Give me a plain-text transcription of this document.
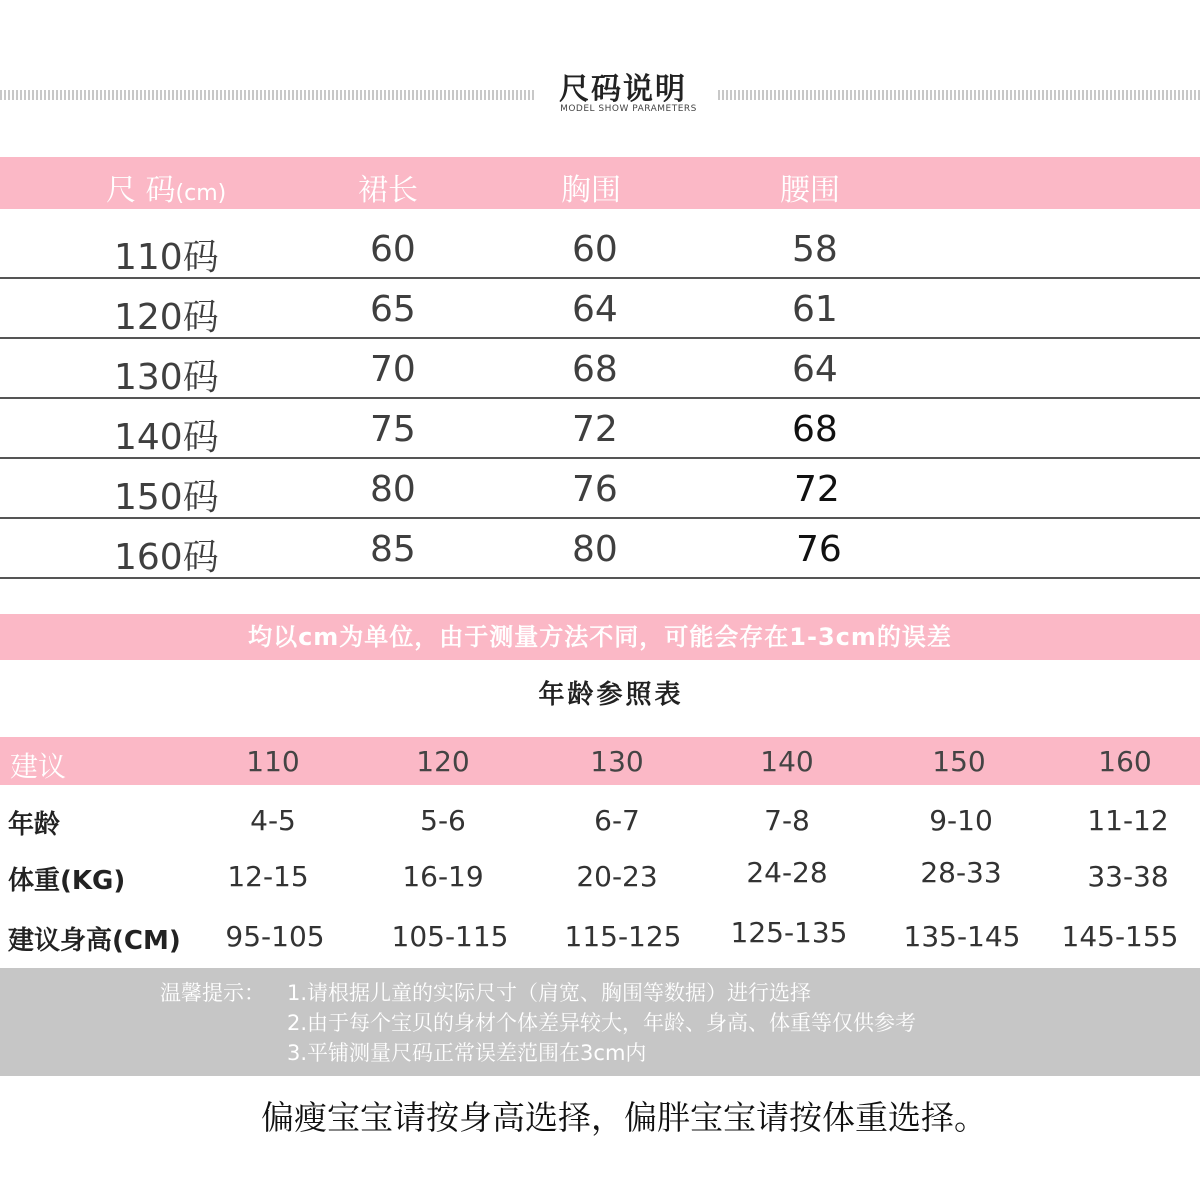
尺码说明
MODEL SHOW PARAMETERS
尺 码(cm)	裙长	胸围	腰围
110码	60	60	58
120码	65	64	61
130码	70	68	64
140码	75	72	68
150码	80	76	72
160码	85	80	76
均以cm为单位，由于测量方法不同，可能会存在1-3cm的误差
年龄参照表
建议	110	120	130	140	150	160
年龄	4-5	5-6	6-7	7-8	9-10	11-12
体重(KG)	12-15	16-19	20-23	24-28	28-33	33-38
建议身高(CM)	95-105	105-115	115-125	125-135	135-145	145-155
温馨提示： 1.请根据儿童的实际尺寸（肩宽、胸围等数据）进行选择
2.由于每个宝贝的身材个体差异较大，年龄、身高、体重等仅供参考
3.平铺测量尺码正常误差范围在3cm内
偏瘦宝宝请按身高选择，偏胖宝宝请按体重选择。
